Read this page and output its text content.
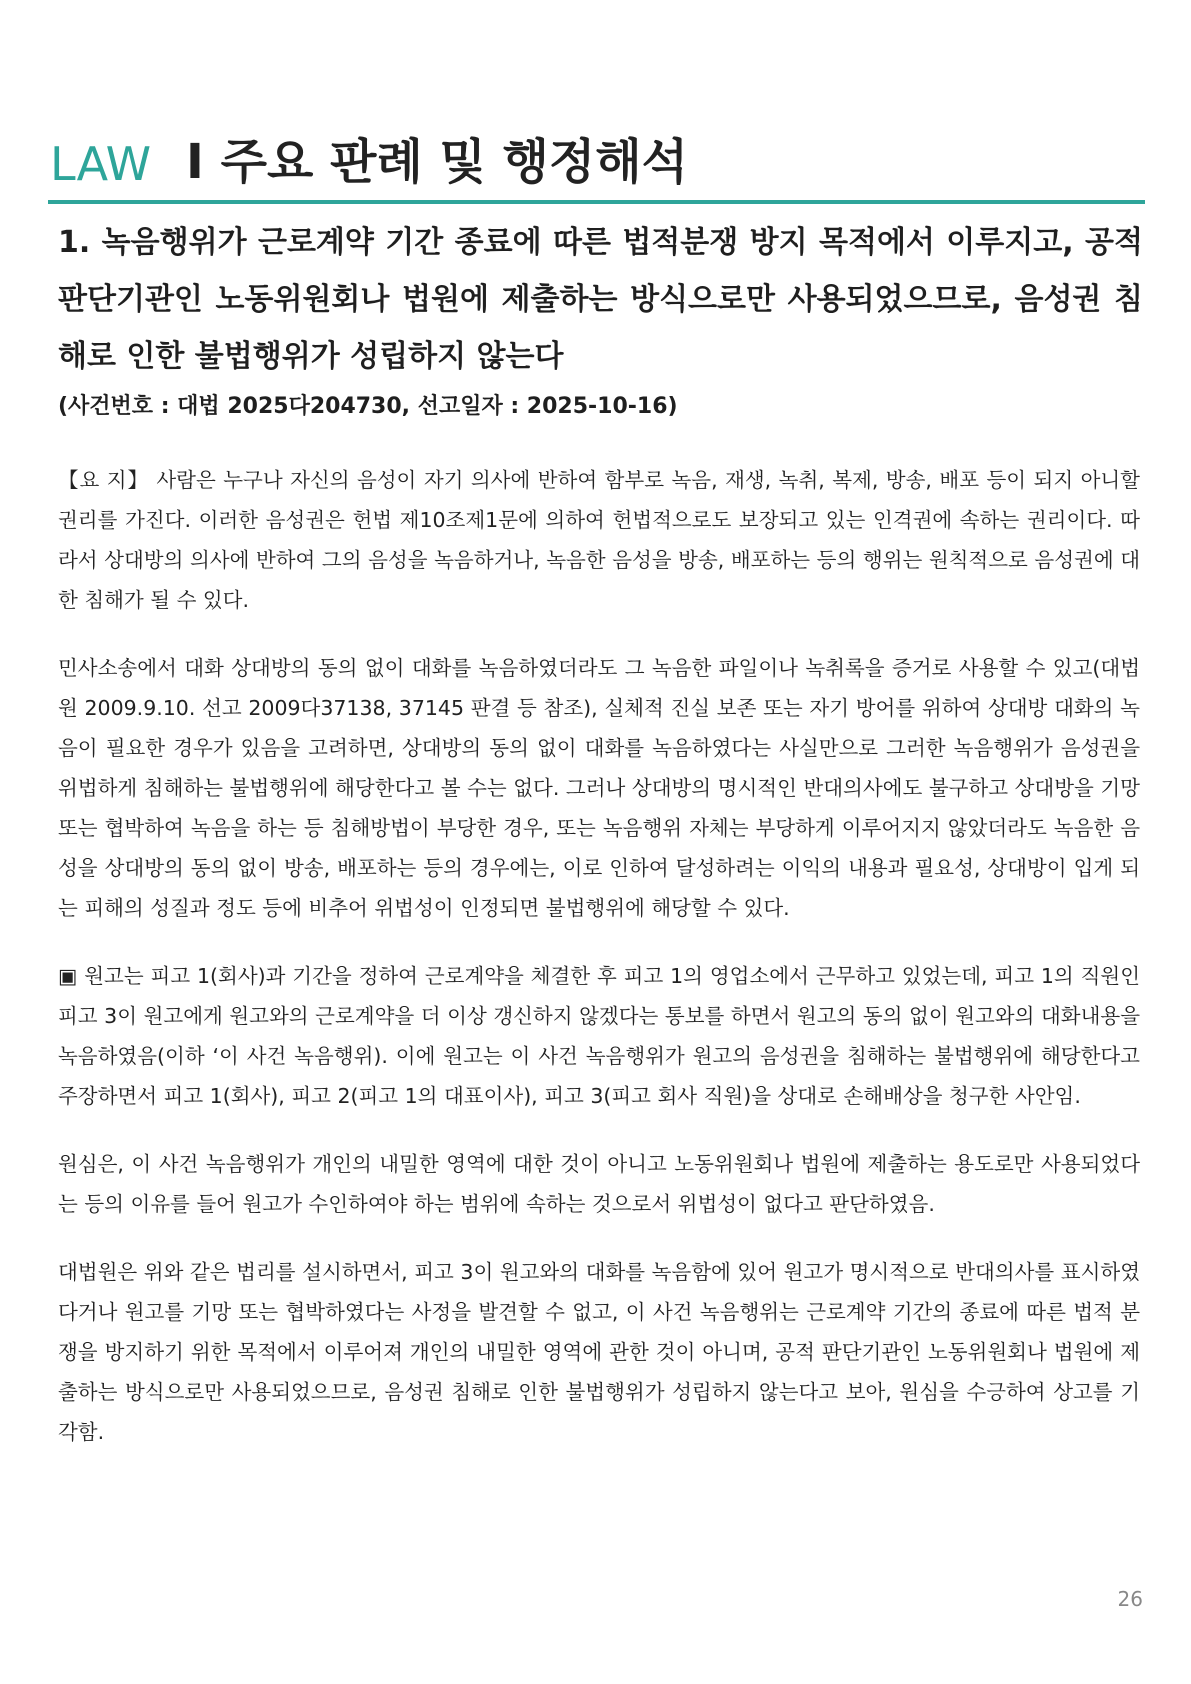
LAW Ⅰ 주요 판례 및 행정해석
1. 녹음행위가 근로계약 기간 종료에 따른 법적분쟁 방지 목적에서 이루지고, 공적 판단기관인 노동위원회나 법원에 제출하는 방식으로만 사용되었으므로, 음성권 침해로 인한 불법행위가 성립하지 않는다
(사건번호 : 대법 2025다204730, 선고일자 : 2025-10-16)

【요 지】 사람은 누구나 자신의 음성이 자기 의사에 반하여 함부로 녹음, 재생, 녹취, 복제, 방송, 배포 등이 되지 아니할 권리를 가진다. 이러한 음성권은 헌법 제10조제1문에 의하여 헌법적으로도 보장되고 있는 인격권에 속하는 권리이다. 따라서 상대방의 의사에 반하여 그의 음성을 녹음하거나, 녹음한 음성을 방송, 배포하는 등의 행위는 원칙적으로 음성권에 대한 침해가 될 수 있다.

민사소송에서 대화 상대방의 동의 없이 대화를 녹음하였더라도 그 녹음한 파일이나 녹취록을 증거로 사용할 수 있고(대법원 2009.9.10. 선고 2009다37138, 37145 판결 등 참조), 실체적 진실 보존 또는 자기 방어를 위하여 상대방 대화의 녹음이 필요한 경우가 있음을 고려하면, 상대방의 동의 없이 대화를 녹음하였다는 사실만으로 그러한 녹음행위가 음성권을 위법하게 침해하는 불법행위에 해당한다고 볼 수는 없다. 그러나 상대방의 명시적인 반대의사에도 불구하고 상대방을 기망 또는 협박하여 녹음을 하는 등 침해방법이 부당한 경우, 또는 녹음행위 자체는 부당하게 이루어지지 않았더라도 녹음한 음성을 상대방의 동의 없이 방송, 배포하는 등의 경우에는, 이로 인하여 달성하려는 이익의 내용과 필요성, 상대방이 입게 되는 피해의 성질과 정도 등에 비추어 위법성이 인정되면 불법행위에 해당할 수 있다.

▣ 원고는 피고 1(회사)과 기간을 정하여 근로계약을 체결한 후 피고 1의 영업소에서 근무하고 있었는데, 피고 1의 직원인 피고 3이 원고에게 원고와의 근로계약을 더 이상 갱신하지 않겠다는 통보를 하면서 원고의 동의 없이 원고와의 대화내용을 녹음하였음(이하 ‘이 사건 녹음행위). 이에 원고는 이 사건 녹음행위가 원고의 음성권을 침해하는 불법행위에 해당한다고 주장하면서 피고 1(회사), 피고 2(피고 1의 대표이사), 피고 3(피고 회사 직원)을 상대로 손해배상을 청구한 사안임.

원심은, 이 사건 녹음행위가 개인의 내밀한 영역에 대한 것이 아니고 노동위원회나 법원에 제출하는 용도로만 사용되었다는 등의 이유를 들어 원고가 수인하여야 하는 범위에 속하는 것으로서 위법성이 없다고 판단하였음.

대법원은 위와 같은 법리를 설시하면서, 피고 3이 원고와의 대화를 녹음함에 있어 원고가 명시적으로 반대의사를 표시하였다거나 원고를 기망 또는 협박하였다는 사정을 발견할 수 없고, 이 사건 녹음행위는 근로계약 기간의 종료에 따른 법적 분쟁을 방지하기 위한 목적에서 이루어져 개인의 내밀한 영역에 관한 것이 아니며, 공적 판단기관인 노동위원회나 법원에 제출하는 방식으로만 사용되었으므로, 음성권 침해로 인한 불법행위가 성립하지 않는다고 보아, 원심을 수긍하여 상고를 기각함.

26
